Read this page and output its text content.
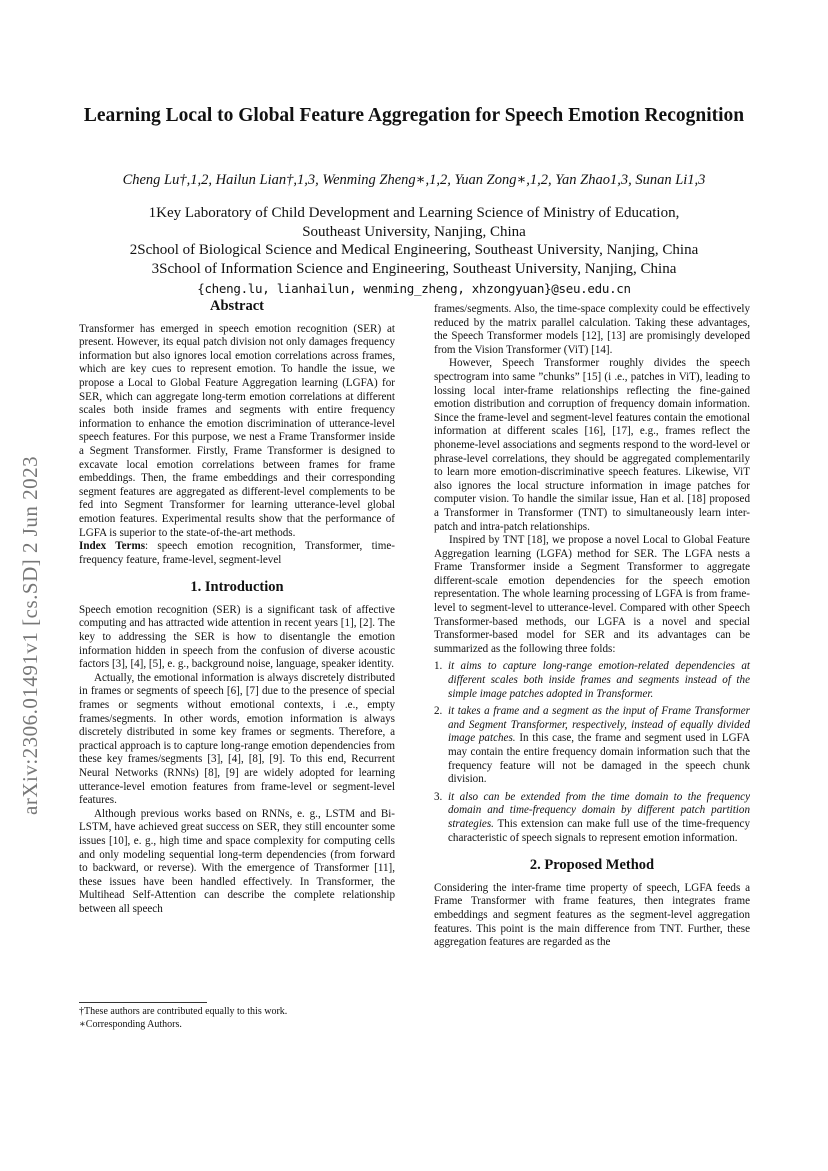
arXiv:2306.01491v1 [cs.SD] 2 Jun 2023
Learning Local to Global Feature Aggregation for Speech Emotion Recognition
Cheng Lu†,1,2, Hailun Lian†,1,3, Wenming Zheng∗,1,2, Yuan Zong∗,1,2, Yan Zhao1,3, Sunan Li1,3
1Key Laboratory of Child Development and Learning Science of Ministry of Education,
Southeast University, Nanjing, China
2School of Biological Science and Medical Engineering, Southeast University, Nanjing, China
3School of Information Science and Engineering, Southeast University, Nanjing, China
{cheng.lu, lianhailun, wenming_zheng, xhzongyuan}@seu.edu.cn
Abstract

Transformer has emerged in speech emotion recognition (SER) at present. However, its equal patch division not only damages frequency information but also ignores local emotion correlations across frames, which are key cues to represent emotion. To handle the issue, we propose a Local to Global Feature Aggregation learning (LGFA) for SER, which can aggregate long-term emotion correlations at different scales both inside frames and segments with entire frequency information to enhance the emotion discrimination of utterance-level speech features. For this purpose, we nest a Frame Transformer inside a Segment Transformer. Firstly, Frame Transformer is designed to excavate local emotion correlations between frames for frame embeddings. Then, the frame embeddings and their corresponding segment features are aggregated as different-level complements to be fed into Segment Transformer for learning utterance-level global emotion features. Experimental results show that the performance of LGFA is superior to the state-of-the-art methods.

Index Terms: speech emotion recognition, Transformer, time-frequency feature, frame-level, segment-level

1. Introduction

Speech emotion recognition (SER) is a significant task of affective computing and has attracted wide attention in recent years [1], [2]. The key to addressing the SER is how to disentangle the emotion information hidden in speech from the confusion of diverse acoustic factors [3], [4], [5], e. g., background noise, language, speaker identity.

Actually, the emotional information is always discretely distributed in frames or segments of speech [6], [7] due to the presence of special frames or segments without emotional contexts, i .e., empty frames/segments. In other words, emotion information is always discretely distributed in some key frames or segments. Therefore, a practical approach is to capture long-range emotion dependencies from these key frames/segments [3], [4], [8], [9]. To this end, Recurrent Neural Networks (RNNs) [8], [9] are widely adopted for learning utterance-level emotion features from frame-level or segment-level features.

Although previous works based on RNNs, e. g., LSTM and Bi-LSTM, have achieved great success on SER, they still encounter some issues [10], e. g., high time and space complexity for computing cells and only modeling sequential long-term dependencies (from forward to backward, or reverse). With the emergence of Transformer [11], these issues have been handled effectively. In Transformer, the Multihead Self-Attention can describe the complete relationship between all speech

†These authors are contributed equally to this work.
∗Corresponding Authors.

frames/segments. Also, the time-space complexity could be effectively reduced by the matrix parallel calculation. Taking these advantages, the Speech Transformer models [12], [13] are promisingly developed from the Vision Transformer (ViT) [14].

However, Speech Transformer roughly divides the speech spectrogram into same ”chunks” [15] (i .e., patches in ViT), leading to lossing local inter-frame relationships reflecting the fine-gained emotion distribution and corruption of frequency domain information. Since the frame-level and segment-level features contain the emotional information at different scales [16], [17], e.g., frames reflect the phoneme-level associations and segments respond to the word-level or phrase-level correlations, they should be aggregated complementarily to learn more emotion-discriminative speech features. Likewise, ViT also ignores the local structure information in image patches for computer vision. To handle the similar issue, Han et al. [18] proposed a Transformer in Transformer (TNT) to simultaneously learn inter-patch and intra-patch relationships.

Inspired by TNT [18], we propose a novel Local to Global Feature Aggregation learning (LGFA) method for SER. The LGFA nests a Frame Transformer inside a Segment Transformer to aggregate different-scale emotion dependencies for the speech emotion representation. The whole learning processing of LGFA is from frame-level to segment-level to utterance-level. Compared with other Speech Transformer-based methods, our LGFA is a novel and special Transformer-based model for SER and its advantages can be summarized as the following three folds:

1. it aims to capture long-range emotion-related dependencies at different scales both inside frames and segments instead of the simple image patches adopted in Transformer.
2. it takes a frame and a segment as the input of Frame Transformer and Segment Transformer, respectively, instead of equally divided image patches. In this case, the frame and segment used in LGFA may contain the entire frequency domain information such that the frequency feature will not be damaged in the speech chunk division.
3. it also can be extended from the time domain to the frequency domain and time-frequency domain by different patch partition strategies. This extension can make full use of the time-frequency characteristic of speech signals to represent emotion information.
2. Proposed Method

Considering the inter-frame time property of speech, LGFA feeds a Frame Transformer with frame features, then integrates frame embeddings and segment features as the segment-level aggregation features. This point is the main difference from TNT. Further, these aggregation features are regarded as the
